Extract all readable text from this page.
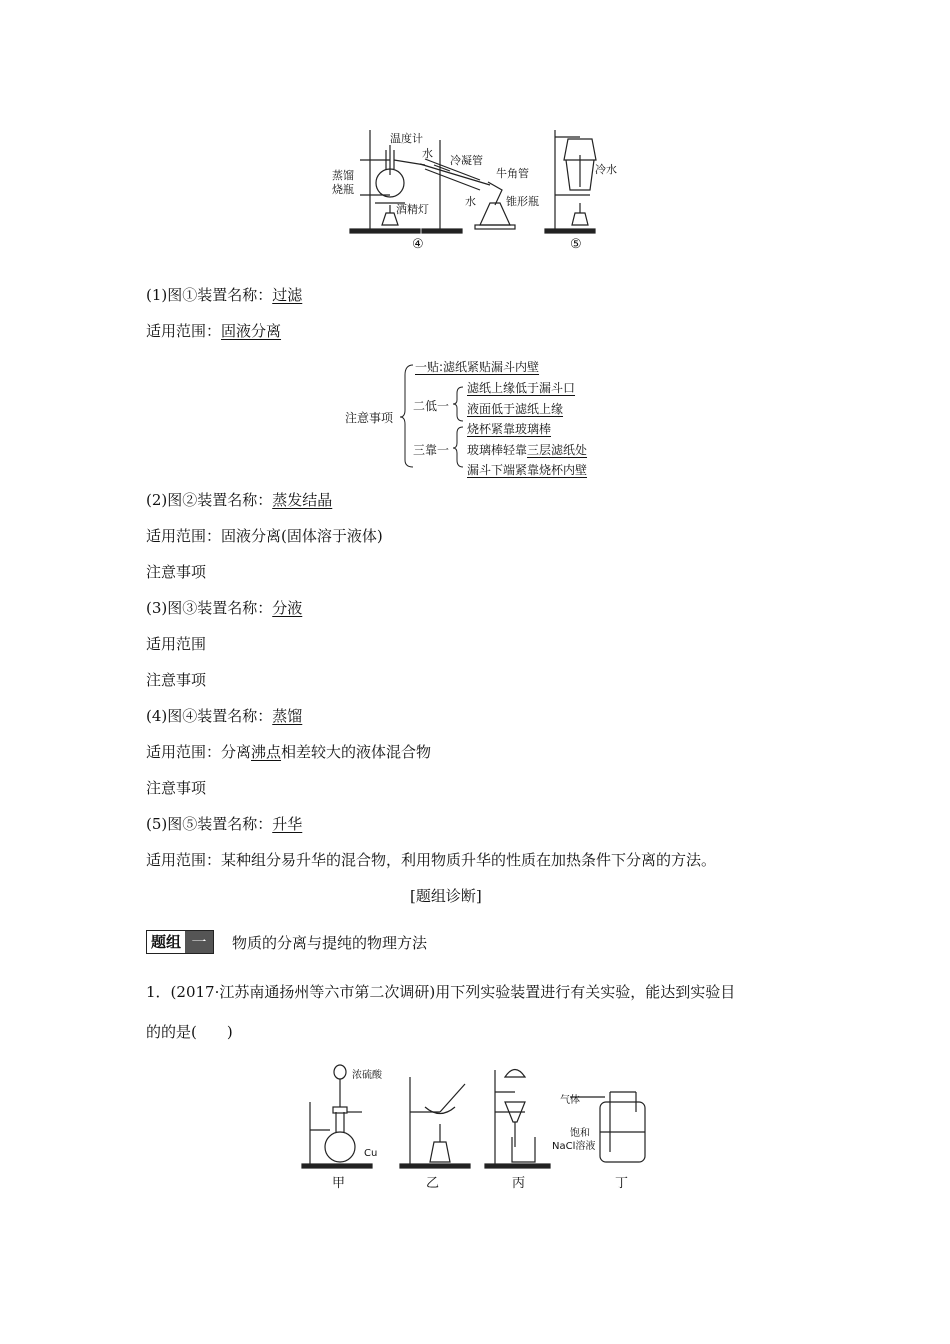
温度计
水
冷凝管
蒸馏
烧瓶
牛角管
水
酒精灯
锥形瓶
冷水
④	⑤
(1)图①装置名称：过滤
适用范围：固液分离
注意事项
一贴:滤纸紧贴漏斗内壁
二低一
滤纸上缘低于漏斗口
液面低于滤纸上缘
三靠一
烧杯紧靠玻璃棒
玻璃棒轻靠三层滤纸处
漏斗下端紧靠烧杯内壁
(2)图②装置名称：蒸发结晶
适用范围：固液分离(固体溶于液体)
注意事项
(3)图③装置名称：分液
适用范围
注意事项
(4)图④装置名称：蒸馏
适用范围：分离沸点相差较大的液体混合物
注意事项
(5)图⑤装置名称：升华
适用范围：某种组分易升华的混合物，利用物质升华的性质在加热条件下分离的方法。
[题组诊断]
题组 一	物质的分离与提纯的物理方法
1．(2017·江苏南通扬州等六市第二次调研)用下列实验装置进行有关实验，能达到实验目
的的是(　　)
浓硫酸
Cu
气体
饱和
NaCl溶液
甲	乙	丙	丁
